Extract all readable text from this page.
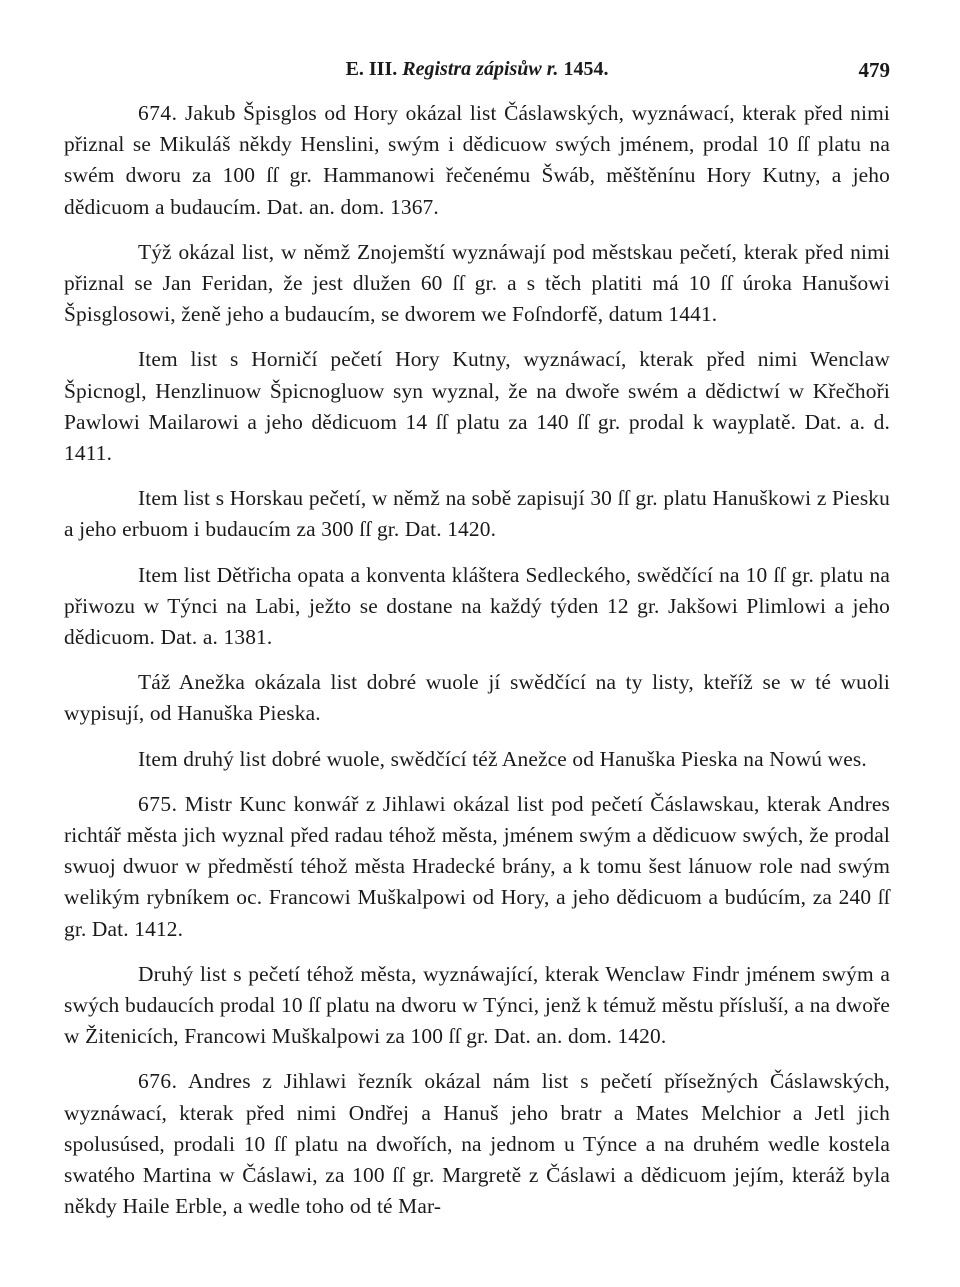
E. III. Registra zápisůw r. 1454.	479

674. Jakub Špisglos od Hory okázal list Čáslawských, wyznáwací, kterak před nimi přiznal se Mikuláš někdy Henslini, swým i dědicuow swých jménem, prodal 10 ſſ platu na swém dworu za 100 ſſ gr. Hammanowi řečenému Šwáb, měštěnínu Hory Kutny, a jeho dědicuom a budaucím. Dat. an. dom. 1367.

Týž okázal list, w němž Znojemští wyznáwají pod městskau pečetí, kterak před nimi přiznal se Jan Feridan, že jest dlužen 60 ſſ gr. a s těch platiti má 10 ſſ úroka Hanušowi Špisglosowi, ženě jeho a budaucím, se dworem we Foſndorfě, datum 1441.

Item list s Horničí pečetí Hory Kutny, wyznáwací, kterak před nimi Wenclaw Špicnogl, Henzlinuow Špicnogluow syn wyznal, že na dwoře swém a dědictwí w Křečhoři Pawlowi Mailarowi a jeho dědicuom 14 ſſ platu za 140 ſſ gr. prodal k wayplatě. Dat. a. d. 1411.

Item list s Horskau pečetí, w němž na sobě zapisují 30 ſſ gr. platu Hanuškowi z Piesku a jeho erbuom i budaucím za 300 ſſ gr. Dat. 1420.

Item list Dětřicha opata a konventa kláštera Sedleckého, swědčící na 10 ſſ gr. platu na přiwozu w Týnci na Labi, ježto se dostane na každý týden 12 gr. Jakšowi Plimlowi a jeho dědicuom. Dat. a. 1381.

Táž Anežka okázala list dobré wuole jí swědčící na ty listy, kteříž se w té wuoli wypisují, od Hanuška Pieska.

Item druhý list dobré wuole, swědčící též Anežce od Hanuška Pieska na Nowú wes.

675. Mistr Kunc konwář z Jihlawi okázal list pod pečetí Čáslawskau, kterak Andres richtář města jich wyznal před radau téhož města, jménem swým a dědicuow swých, že prodal swuoj dwuor w předměstí téhož města Hradecké brány, a k tomu šest lánuow role nad swým welikým rybníkem oc. Francowi Muškalpowi od Hory, a jeho dědicuom a budúcím, za 240 ſſ gr. Dat. 1412.

Druhý list s pečetí téhož města, wyznáwající, kterak Wenclaw Findr jménem swým a swých budaucích prodal 10 ſſ platu na dworu w Týnci, jenž k témuž městu přísluší, a na dwoře w Žitenicích, Francowi Muškalpowi za 100 ſſ gr. Dat. an. dom. 1420.

676. Andres z Jihlawi řezník okázal nám list s pečetí přísežných Čáslawských, wyznáwací, kterak před nimi Ondřej a Hanuš jeho bratr a Mates Melchior a Jetl jich spolusúsed, prodali 10 ſſ platu na dwořích, na jednom u Týnce a na druhém wedle kostela swatého Martina w Čáslawi, za 100 ſſ gr. Margretě z Čáslawi a dědicuom jejím, kteráž byla někdy Haile Erble, a wedle toho od té Mar-
